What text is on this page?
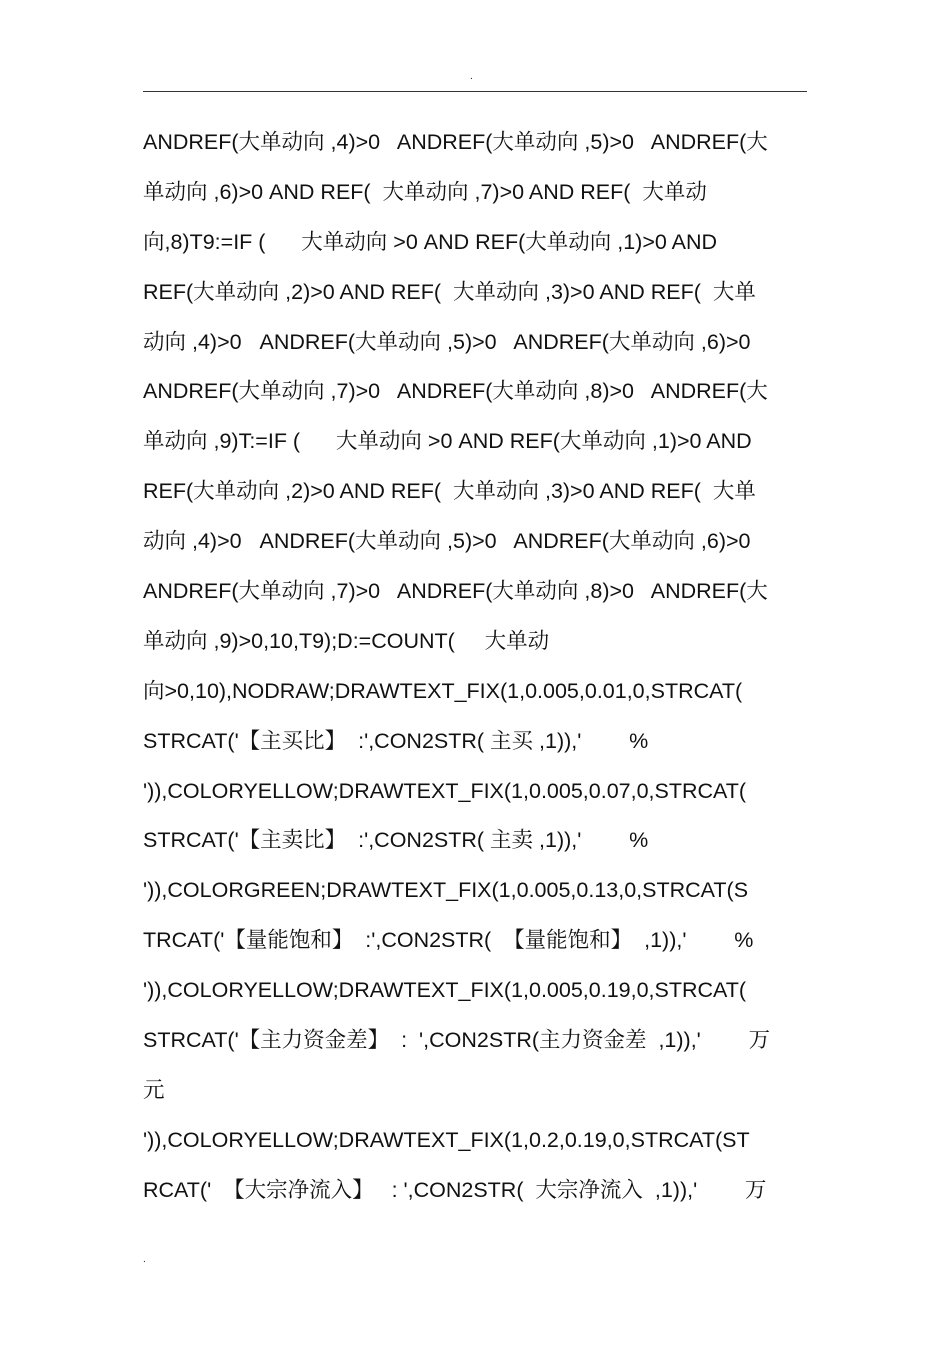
.
ANDREF(大单动向 ,4)>0   ANDREF(大单动向 ,5)>0   ANDREF(大
单动向 ,6)>0 AND REF(  大单动向 ,7)>0 AND REF(  大单动
向,8)T9:=IF (      大单动向 >0 AND REF(大单动向 ,1)>0 AND
REF(大单动向 ,2)>0 AND REF(  大单动向 ,3)>0 AND REF(  大单
动向 ,4)>0   ANDREF(大单动向 ,5)>0   ANDREF(大单动向 ,6)>0
ANDREF(大单动向 ,7)>0   ANDREF(大单动向 ,8)>0   ANDREF(大
单动向 ,9)T:=IF (      大单动向 >0 AND REF(大单动向 ,1)>0 AND
REF(大单动向 ,2)>0 AND REF(  大单动向 ,3)>0 AND REF(  大单
动向 ,4)>0   ANDREF(大单动向 ,5)>0   ANDREF(大单动向 ,6)>0
ANDREF(大单动向 ,7)>0   ANDREF(大单动向 ,8)>0   ANDREF(大
单动向 ,9)>0,10,T9);D:=COUNT(     大单动
向>0,10),NODRAW;DRAWTEXT_FIX(1,0.005,0.01,0,STRCAT(
STRCAT('【主买比】  :',CON2STR( 主买 ,1)),'        %
')),COLORYELLOW;DRAWTEXT_FIX(1,0.005,0.07,0,STRCAT(
STRCAT('【主卖比】  :',CON2STR( 主卖 ,1)),'        %
')),COLORGREEN;DRAWTEXT_FIX(1,0.005,0.13,0,STRCAT(S
TRCAT('【量能饱和】  :',CON2STR(  【量能饱和】  ,1)),'        %
')),COLORYELLOW;DRAWTEXT_FIX(1,0.005,0.19,0,STRCAT(
STRCAT('【主力资金差】  :  ',CON2STR(主力资金差  ,1)),'        万
元
')),COLORYELLOW;DRAWTEXT_FIX(1,0.2,0.19,0,STRCAT(ST
RCAT('  【大宗净流入】   : ',CON2STR(  大宗净流入  ,1)),'        万
.
